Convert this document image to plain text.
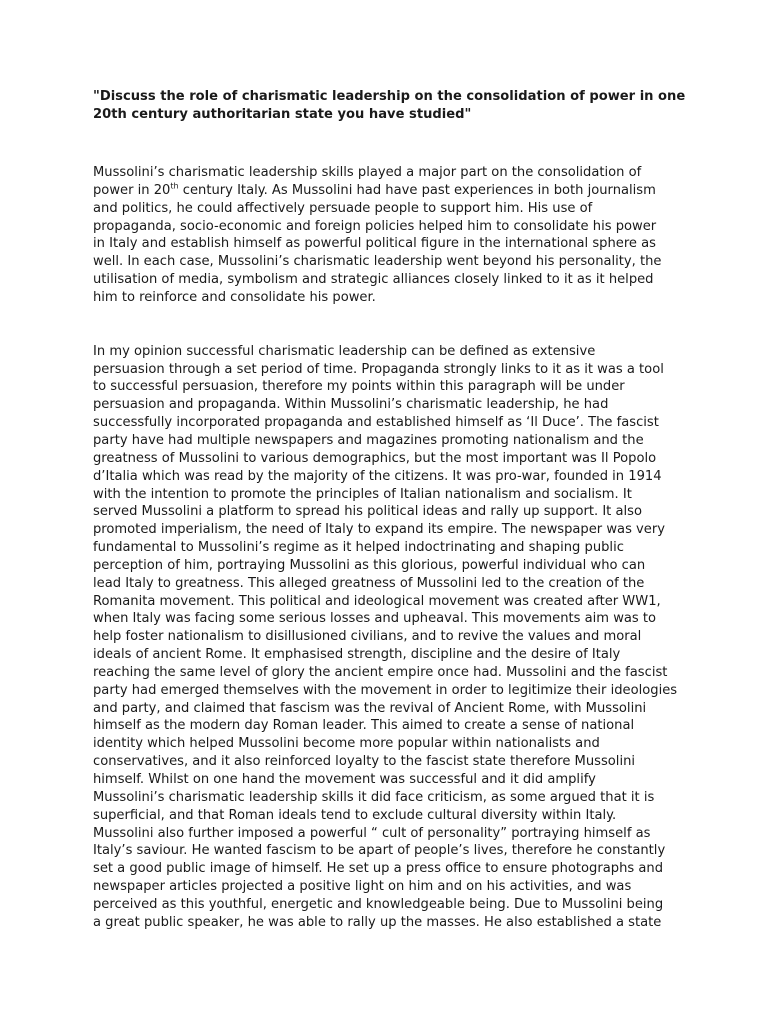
"Discuss the role of charismatic leadership on the consolidation of power in one
20th century authoritarian state you have studied"

Mussolini’s charismatic leadership skills played a major part on the consolidation of
power in 20th century Italy. As Mussolini had have past experiences in both journalism
and politics, he could affectively persuade people to support him. His use of
propaganda, socio-economic and foreign policies helped him to consolidate his power
in Italy and establish himself as powerful political figure in the international sphere as
well. In each case, Mussolini’s charismatic leadership went beyond his personality, the
utilisation of media, symbolism and strategic alliances closely linked to it as it helped
him to reinforce and consolidate his power.

In my opinion successful charismatic leadership can be defined as extensive
persuasion through a set period of time. Propaganda strongly links to it as it was a tool
to successful persuasion, therefore my points within this paragraph will be under
persuasion and propaganda. Within Mussolini’s charismatic leadership, he had
successfully incorporated propaganda and established himself as ‘Il Duce’. The fascist
party have had multiple newspapers and magazines promoting nationalism and the
greatness of Mussolini to various demographics, but the most important was Il Popolo
d’Italia which was read by the majority of the citizens. It was pro-war, founded in 1914
with the intention to promote the principles of Italian nationalism and socialism. It
served Mussolini a platform to spread his political ideas and rally up support. It also
promoted imperialism, the need of Italy to expand its empire. The newspaper was very
fundamental to Mussolini’s regime as it helped indoctrinating and shaping public
perception of him, portraying Mussolini as this glorious, powerful individual who can
lead Italy to greatness. This alleged greatness of Mussolini led to the creation of the
Romanita movement. This political and ideological movement was created after WW1,
when Italy was facing some serious losses and upheaval. This movements aim was to
help foster nationalism to disillusioned civilians, and to revive the values and moral
ideals of ancient Rome. It emphasised strength, discipline and the desire of Italy
reaching the same level of glory the ancient empire once had. Mussolini and the fascist
party had emerged themselves with the movement in order to legitimize their ideologies
and party, and claimed that fascism was the revival of Ancient Rome, with Mussolini
himself as the modern day Roman leader. This aimed to create a sense of national
identity which helped Mussolini become more popular within nationalists and
conservatives, and it also reinforced loyalty to the fascist state therefore Mussolini
himself. Whilst on one hand the movement was successful and it did amplify
Mussolini’s charismatic leadership skills it did face criticism, as some argued that it is
superficial, and that Roman ideals tend to exclude cultural diversity within Italy.
Mussolini also further imposed a powerful “ cult of personality” portraying himself as
Italy’s saviour. He wanted fascism to be apart of people’s lives, therefore he constantly
set a good public image of himself. He set up a press office to ensure photographs and
newspaper articles projected a positive light on him and on his activities, and was
perceived as this youthful, energetic and knowledgeable being. Due to Mussolini being
a great public speaker, he was able to rally up the masses. He also established a state
